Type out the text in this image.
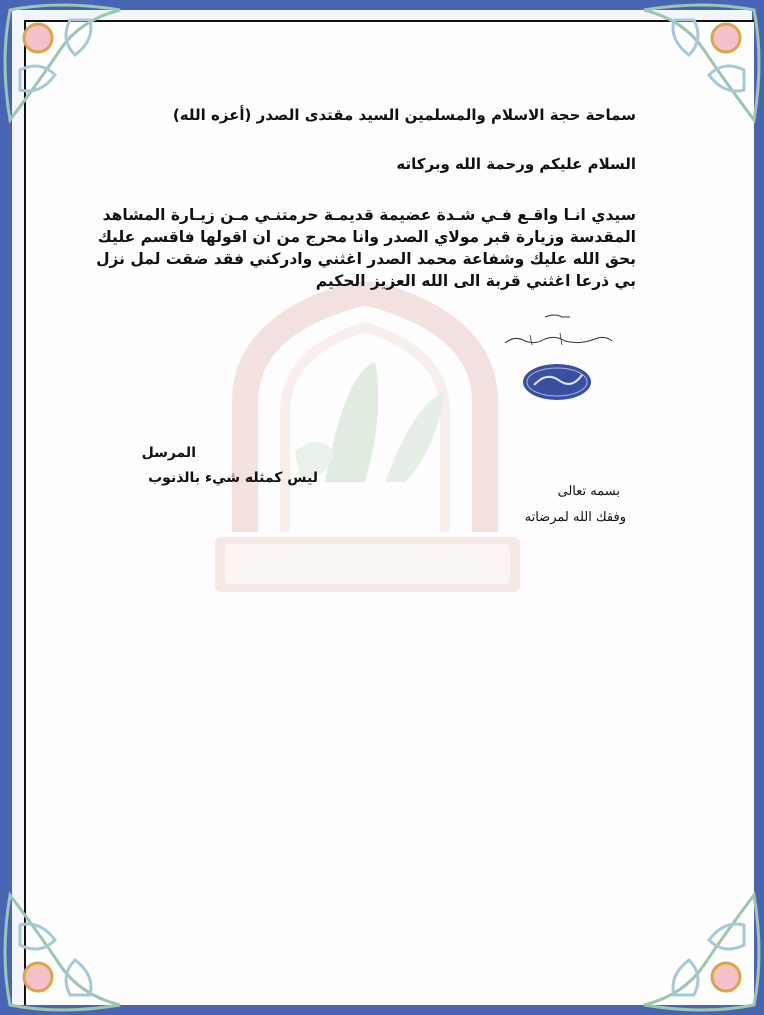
سماحة حجة الاسلام والمسلمين السيد مقتدى الصدر (أعزه الله)
السلام عليكم ورحمة الله وبركاته
سيدي انـا واقـع فـي شـدة عضيمة قديمـة حرمتنـي مـن زيـارة المشاهد
المقدسة وزيارة قبر مولاي الصدر وانا محرج من ان اقولها فاقسم عليك
بحق الله عليك وشفاعة محمد الصدر اغثني وادركني فقد ضقت لمل نزل
بي ذرعا اغثني قربة الى الله العزيز الحكيم
المرسل
ليس كمثله شيء بالذنوب
بسمه تعالى
وفقك الله لمرضاته
